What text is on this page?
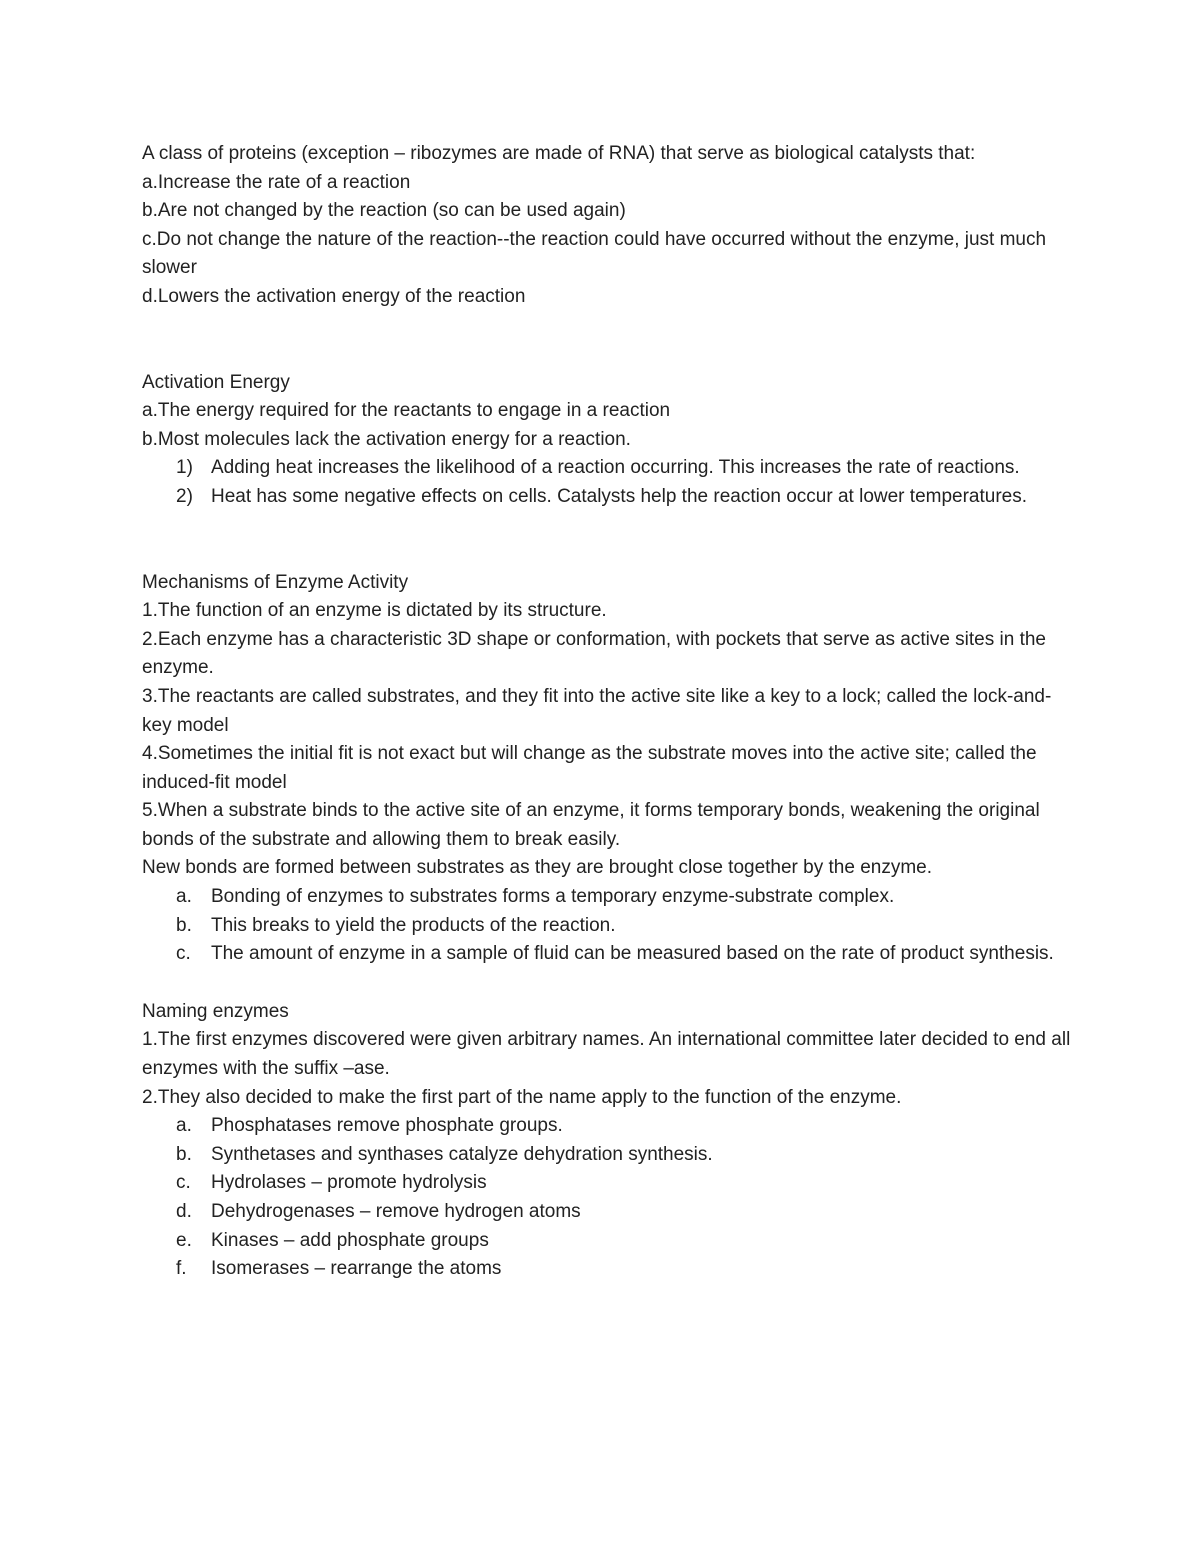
A class of proteins (exception – ribozymes are made of RNA) that serve as biological catalysts that:
a.Increase the rate of a reaction
b.Are not changed by the reaction (so can be used again)
c.Do not change the nature of the reaction--the reaction could have occurred without the enzyme, just much slower
d.Lowers the activation energy of the reaction
Activation Energy
a.The energy required for the reactants to engage in a reaction
b.Most molecules lack the activation energy for a reaction.
1) Adding heat increases the likelihood of a reaction occurring. This increases the rate of reactions.
2) Heat has some negative effects on cells. Catalysts help the reaction occur at lower temperatures.
Mechanisms of Enzyme Activity
1.The function of an enzyme is dictated by its structure.
2.Each enzyme has a characteristic 3D shape or conformation, with pockets that serve as active sites in the enzyme.
3.The reactants are called substrates, and they fit into the active site like a key to a lock; called the lock-and-key model
4.Sometimes the initial fit is not exact but will change as the substrate moves into the active site; called the induced-fit model
5.When a substrate binds to the active site of an enzyme, it forms temporary bonds, weakening the original bonds of the substrate and allowing them to break easily.
New bonds are formed between substrates as they are brought close together by the enzyme.
a. Bonding of enzymes to substrates forms a temporary enzyme-substrate complex.
b. This breaks to yield the products of the reaction.
c. The amount of enzyme in a sample of fluid can be measured based on the rate of product synthesis.
Naming enzymes
1.The first enzymes discovered were given arbitrary names. An international committee later decided to end all enzymes with the suffix –ase.
2.They also decided to make the first part of the name apply to the function of the enzyme.
a. Phosphatases remove phosphate groups.
b. Synthetases and synthases catalyze dehydration synthesis.
c. Hydrolases – promote hydrolysis
d. Dehydrogenases – remove hydrogen atoms
e. Kinases – add phosphate groups
f. Isomerases – rearrange the atoms
